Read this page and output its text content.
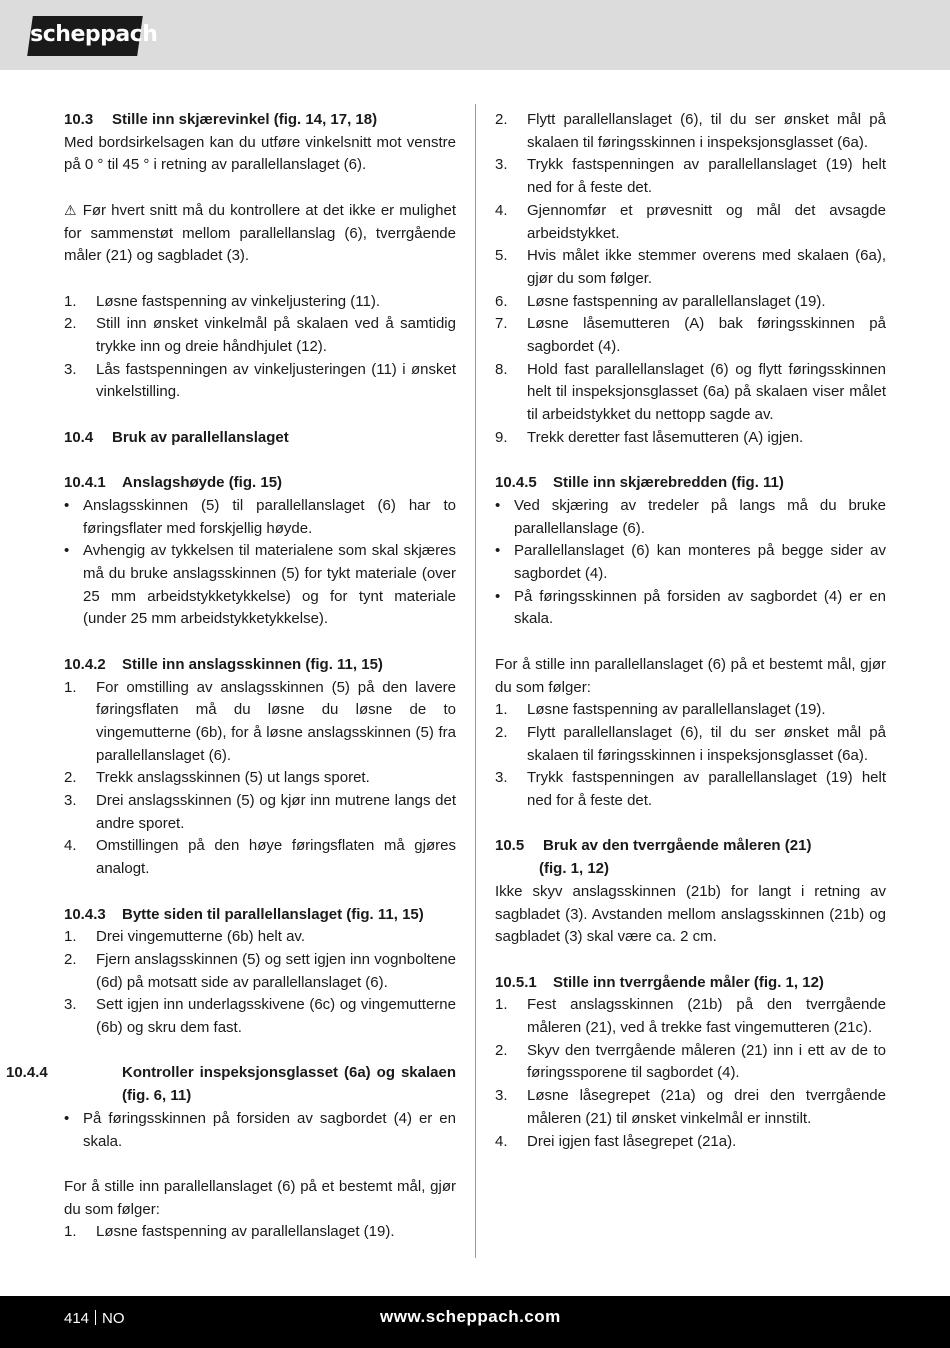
scheppach

10.3 Stille inn skjærevinkel (fig. 14, 17, 18)

Med bordsirkelsagen kan du utføre vinkelsnitt mot venstre på 0 ° til 45 ° i retning av parallellanslaget (6).

⚠ Før hvert snitt må du kontrollere at det ikke er mulighet for sammenstøt mellom parallellanslag (6), tverrgående måler (21) og sagbladet (3).

1.	Løsne fastspenning av vinkeljustering (11).
2.	Still inn ønsket vinkelmål på skalaen ved å samtidig trykke inn og dreie håndhjulet (12).
3.	Lås fastspenningen av vinkeljusteringen (11) i ønsket vinkelstilling.

10.4 Bruk av parallellanslaget

10.4.1 Anslagshøyde (fig. 15)

• Anslagsskinnen (5) til parallellanslaget (6) har to føringsflater med forskjellig høyde.
• Avhengig av tykkelsen til materialene som skal skjæres må du bruke anslagsskinnen (5) for tykt materiale (over 25 mm arbeidstykketykkelse) og for tynt materiale (under 25 mm arbeidstykketykkelse).

10.4.2 Stille inn anslagsskinnen (fig. 11, 15)

1.	For omstilling av anslagsskinnen (5) på den lavere føringsflaten må du løsne du løsne de to vingemutterne (6b), for å løsne anslagsskinnen (5) fra parallellanslaget (6).
2.	Trekk anslagsskinnen (5) ut langs sporet.
3.	Drei anslagsskinnen (5) og kjør inn mutrene langs det andre sporet.
4.	Omstillingen på den høye føringsflaten må gjøres analogt.

10.4.3 Bytte siden til parallellanslaget (fig. 11, 15)

1.	Drei vingemutterne (6b) helt av.
2.	Fjern anslagsskinnen (5) og sett igjen inn vognboltene (6d) på motsatt side av parallellanslaget (6).
3.	Sett igjen inn underlagsskivene (6c) og vingemutterne (6b) og skru dem fast.

10.4.4	Kontroller inspeksjonsglasset (6a) og skalaen (fig. 6, 11)

• På føringsskinnen på forsiden av sagbordet (4) er en skala.

For å stille inn parallellanslaget (6) på et bestemt mål, gjør du som følger:

1.	Løsne fastspenning av parallellanslaget (19).
2.	Flytt parallellanslaget (6), til du ser ønsket mål på skalaen til føringsskinnen i inspeksjonsglasset (6a).
3.	Trykk fastspenningen av parallellanslaget (19) helt ned for å feste det.
4.	Gjennomfør et prøvesnitt og mål det avsagde arbeidstykket.
5.	Hvis målet ikke stemmer overens med skalaen (6a), gjør du som følger.
6.	Løsne fastspenning av parallellanslaget (19).
7.	Løsne låsemutteren (A) bak føringsskinnen på sagbordet (4).
8.	Hold fast parallellanslaget (6) og flytt føringsskinnen helt til inspeksjonsglasset (6a) på skalaen viser målet til arbeidstykket du nettopp sagde av.
9.	Trekk deretter fast låsemutteren (A) igjen.

10.4.5 Stille inn skjærebredden (fig. 11)

• Ved skjæring av tredeler på langs må du bruke parallellanslage (6).
• Parallellanslaget (6) kan monteres på begge sider av sagbordet (4).
• På føringsskinnen på forsiden av sagbordet (4) er en skala.

For å stille inn parallellanslaget (6) på et bestemt mål, gjør du som følger:

1.	Løsne fastspenning av parallellanslaget (19).
2.	Flytt parallellanslaget (6), til du ser ønsket mål på skalaen til føringsskinnen i inspeksjonsglasset (6a).
3.	Trykk fastspenningen av parallellanslaget (19) helt ned for å feste det.

10.5 Bruk av den tverrgående måleren (21)

(fig. 1, 12)

Ikke skyv anslagsskinnen (21b) for langt i retning av sagbladet (3). Avstanden mellom anslagsskinnen (21b) og sagbladet (3) skal være ca. 2 cm.

10.5.1 Stille inn tverrgående måler (fig. 1, 12)

1.	Fest anslagsskinnen (21b) på den tverrgående måleren (21), ved å trekke fast vingemutteren (21c).
2.	Skyv den tverrgående måleren (21) inn i ett av de to føringssporene til sagbordet (4).
3.	Løsne låsegrepet (21a) og drei den tverrgående måleren (21) til ønsket vinkelmål er innstilt.
4.	Drei igjen fast låsegrepet (21a).
414 NO	www.scheppach.com
